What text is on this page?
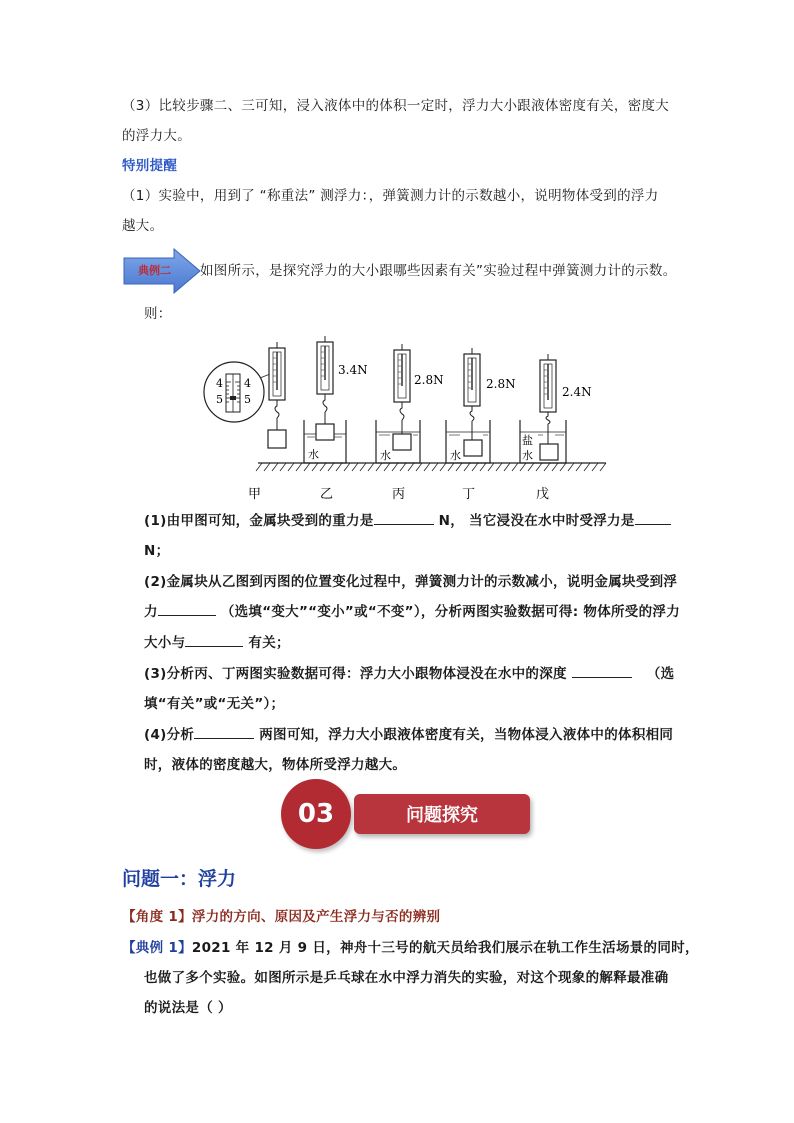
（3）比较步骤二、三可知，浸入液体中的体积一定时，浮力大小跟液体密度有关，密度大
的浮力大。
特别提醒
（1）实验中，用到了 “称重法” 测浮力：，弹簧测力计的示数越小，说明物体受到的浮力
越大。
典例二 如图所示，是探究浮力的大小跟哪些因素有关”实验过程中弹簧测力计的示数。
则：
4
5
4
5
水
3.4N
水
2.8N
水
2.8N
盐
水
2.4N
甲	乙	丙	丁	戊
(1)由甲图可知，金属块受到的重力是	N， 当它浸没在水中时受浮力是
N；
(2)金属块从乙图到丙图的位置变化过程中，弹簧测力计的示数减小，说明金属块受到浮
力	（选填“变大”“变小”或“不变”），分析两图实验数据可得: 物体所受的浮力
大小与	有关；
(3)分析丙、丁两图实验数据可得：浮力大小跟物体浸没在水中的深度	（选
填“有关”或“无关”）；
(4)分析	两图可知，浮力大小跟液体密度有关，当物体浸入液体中的体积相同
时，液体的密度越大，物体所受浮力越大。
03	问题探究
问题一：浮力
【角度 1】浮力的方向、原因及产生浮力与否的辨别
【典例 1】2021 年 12 月 9 日，神舟十三号的航天员给我们展示在轨工作生活场景的同时，
也做了多个实验。如图所示是乒乓球在水中浮力消失的实验，对这个现象的解释最准确
的说法是（ ）
